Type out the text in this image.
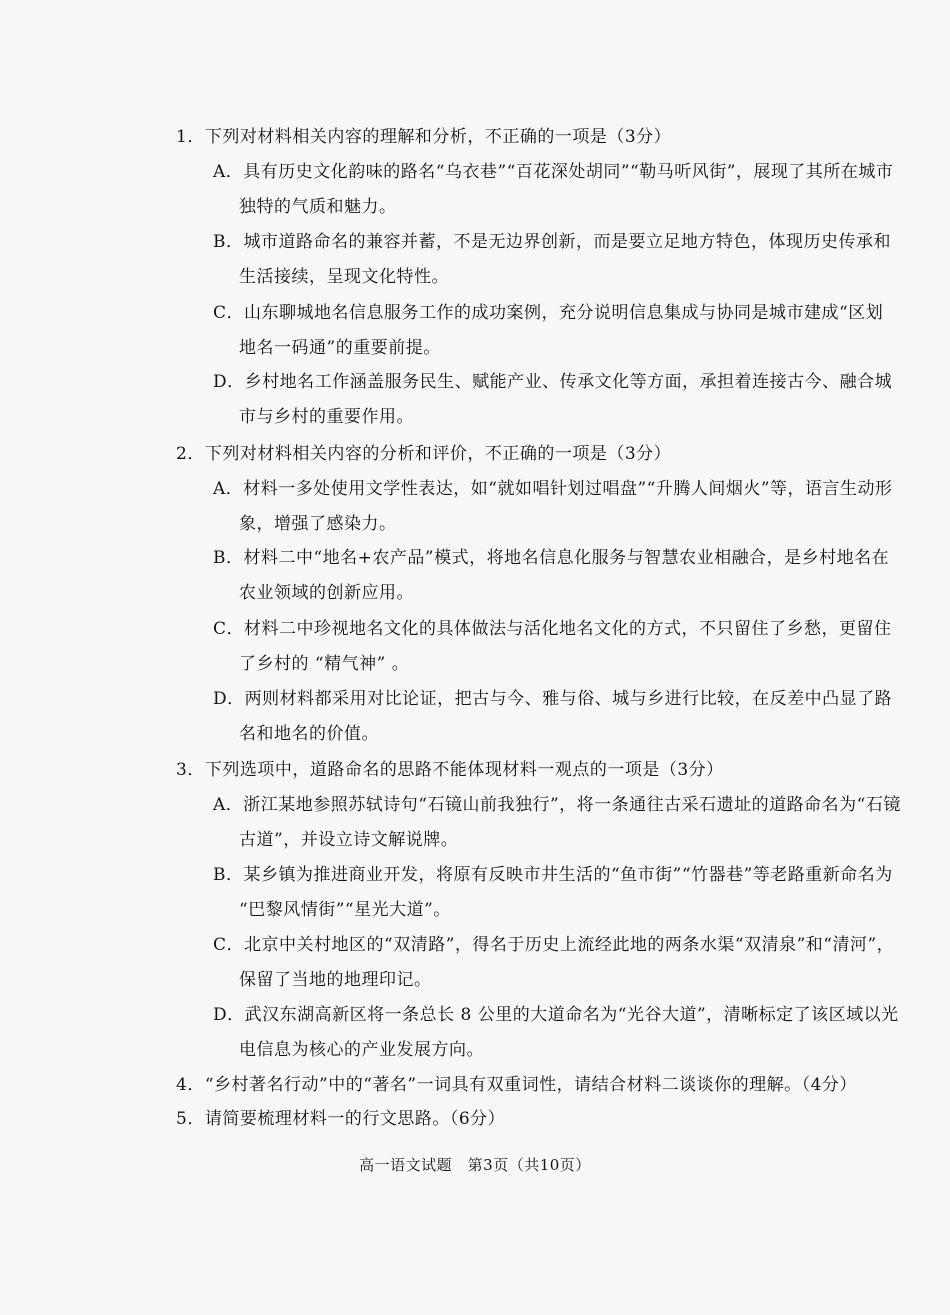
1．下列对材料相关内容的理解和分析，不正确的一项是（3分）
A．具有历史文化韵味的路名“乌衣巷”“百花深处胡同”“勒马听风街”，展现了其所在城市
独特的气质和魅力。
B．城市道路命名的兼容并蓄，不是无边界创新，而是要立足地方特色，体现历史传承和
生活接续，呈现文化特性。
C．山东聊城地名信息服务工作的成功案例，充分说明信息集成与协同是城市建成“区划
地名一码通”的重要前提。
D．乡村地名工作涵盖服务民生、赋能产业、传承文化等方面，承担着连接古今、融合城
市与乡村的重要作用。
2．下列对材料相关内容的分析和评价，不正确的一项是（3分）
A．材料一多处使用文学性表达，如“就如唱针划过唱盘”“升腾人间烟火”等，语言生动形
象，增强了感染力。
B．材料二中“地名+农产品”模式，将地名信息化服务与智慧农业相融合，是乡村地名在
农业领域的创新应用。
C．材料二中珍视地名文化的具体做法与活化地名文化的方式，不只留住了乡愁，更留住
了乡村的 “精气神” 。
D．两则材料都采用对比论证，把古与今、雅与俗、城与乡进行比较，在反差中凸显了路
名和地名的价值。
3．下列选项中，道路命名的思路不能体现材料一观点的一项是（3分）
A．浙江某地参照苏轼诗句“石镜山前我独行”，将一条通往古采石遗址的道路命名为“石镜
古道”，并设立诗文解说牌。
B．某乡镇为推进商业开发，将原有反映市井生活的“鱼市街”“竹器巷”等老路重新命名为
“巴黎风情街”“星光大道”。
C．北京中关村地区的“双清路”，得名于历史上流经此地的两条水渠“双清泉”和“清河”，
保留了当地的地理印记。
D．武汉东湖高新区将一条总长 8 公里的大道命名为“光谷大道”，清晰标定了该区域以光
电信息为核心的产业发展方向。
4．“乡村著名行动”中的“著名”一词具有双重词性，请结合材料二谈谈你的理解。（4分）
5．请简要梳理材料一的行文思路。（6分）
高一语文试题　第3页（共10页）
